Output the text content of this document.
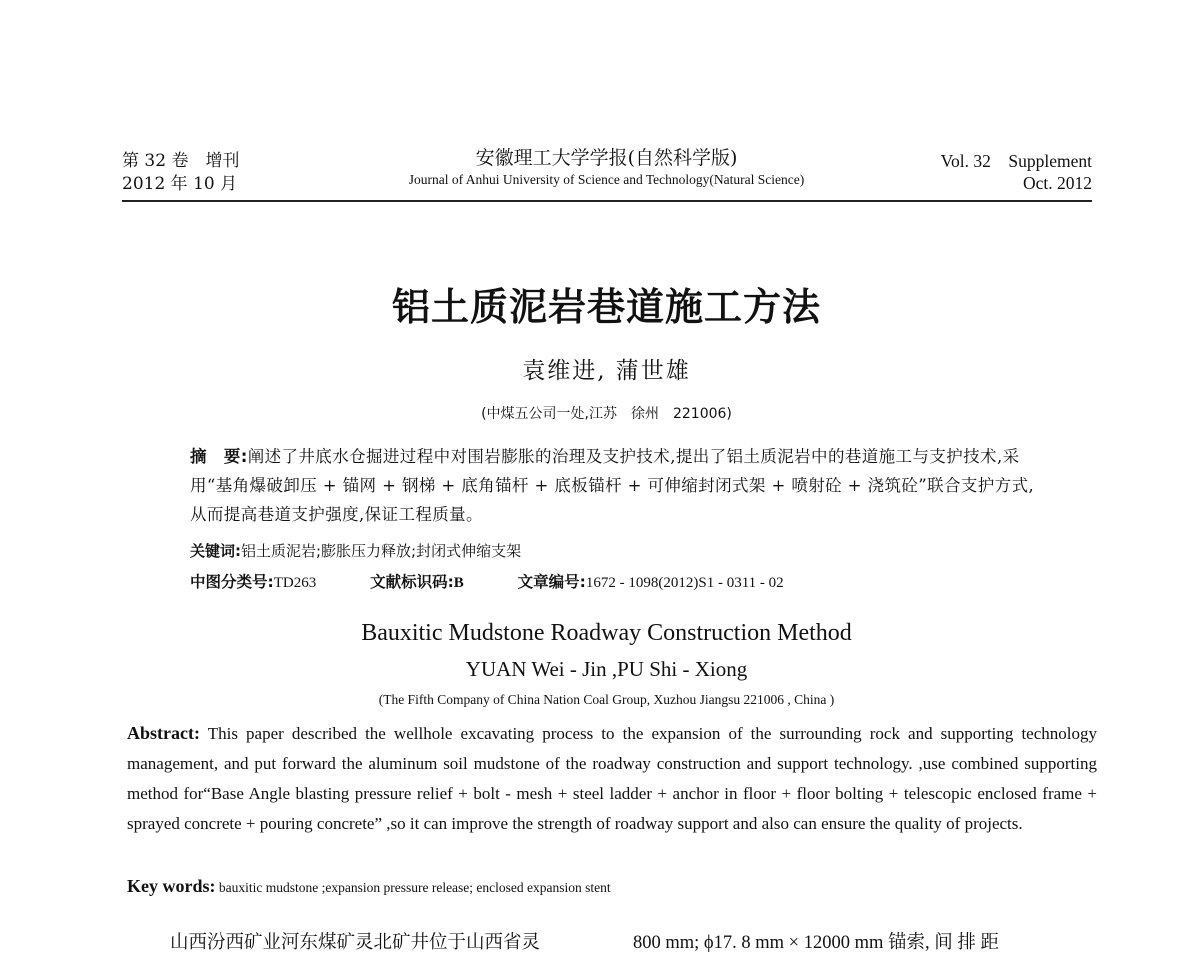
第 32 卷　增刊
2012 年 10 月
安徽理工大学学报(自然科学版)
Journal of Anhui University of Science and Technology(Natural Science)
Vol. 32　Supplement
Oct. 2012
铝土质泥岩巷道施工方法
袁维进, 蒲世雄
(中煤五公司一处,江苏　徐州　221006)
摘　要:阐述了井底水仓掘进过程中对围岩膨胀的治理及支护技术,提出了铝土质泥岩中的巷道施工与支护技术,采用“基角爆破卸压 + 锚网 + 钢梯 + 底角锚杆 + 底板锚杆 + 可伸缩封闭式架 + 喷射砼 + 浇筑砼”联合支护方式,从而提高巷道支护强度,保证工程质量。
关键词:铝土质泥岩;膨胀压力释放;封闭式伸缩支架
中图分类号:TD263	文献标识码:B	文章编号:1672 - 1098(2012)S1 - 0311 - 02
Bauxitic Mudstone Roadway Construction Method
YUAN Wei - Jin ,PU Shi - Xiong
(The Fifth Company of China Nation Coal Group, Xuzhou Jiangsu 221006 , China )
Abstract: This paper described the wellhole excavating process to the expansion of the surrounding rock and supporting technology management, and put forward the aluminum soil mudstone of the roadway construction and support technology. ,use combined supporting method for“Base Angle blasting pressure relief + bolt - mesh + steel ladder + anchor in floor + floor bolting + telescopic enclosed frame + sprayed concrete + pouring concrete” ,so it can improve the strength of roadway support and also can ensure the quality of projects.
Key words: bauxitic mudstone ;expansion pressure release; enclosed expansion stent
山西汾西矿业河东煤矿灵北矿井位于山西省灵	800 mm; ϕ17. 8 mm × 12000 mm 锚索, 间 排 距
